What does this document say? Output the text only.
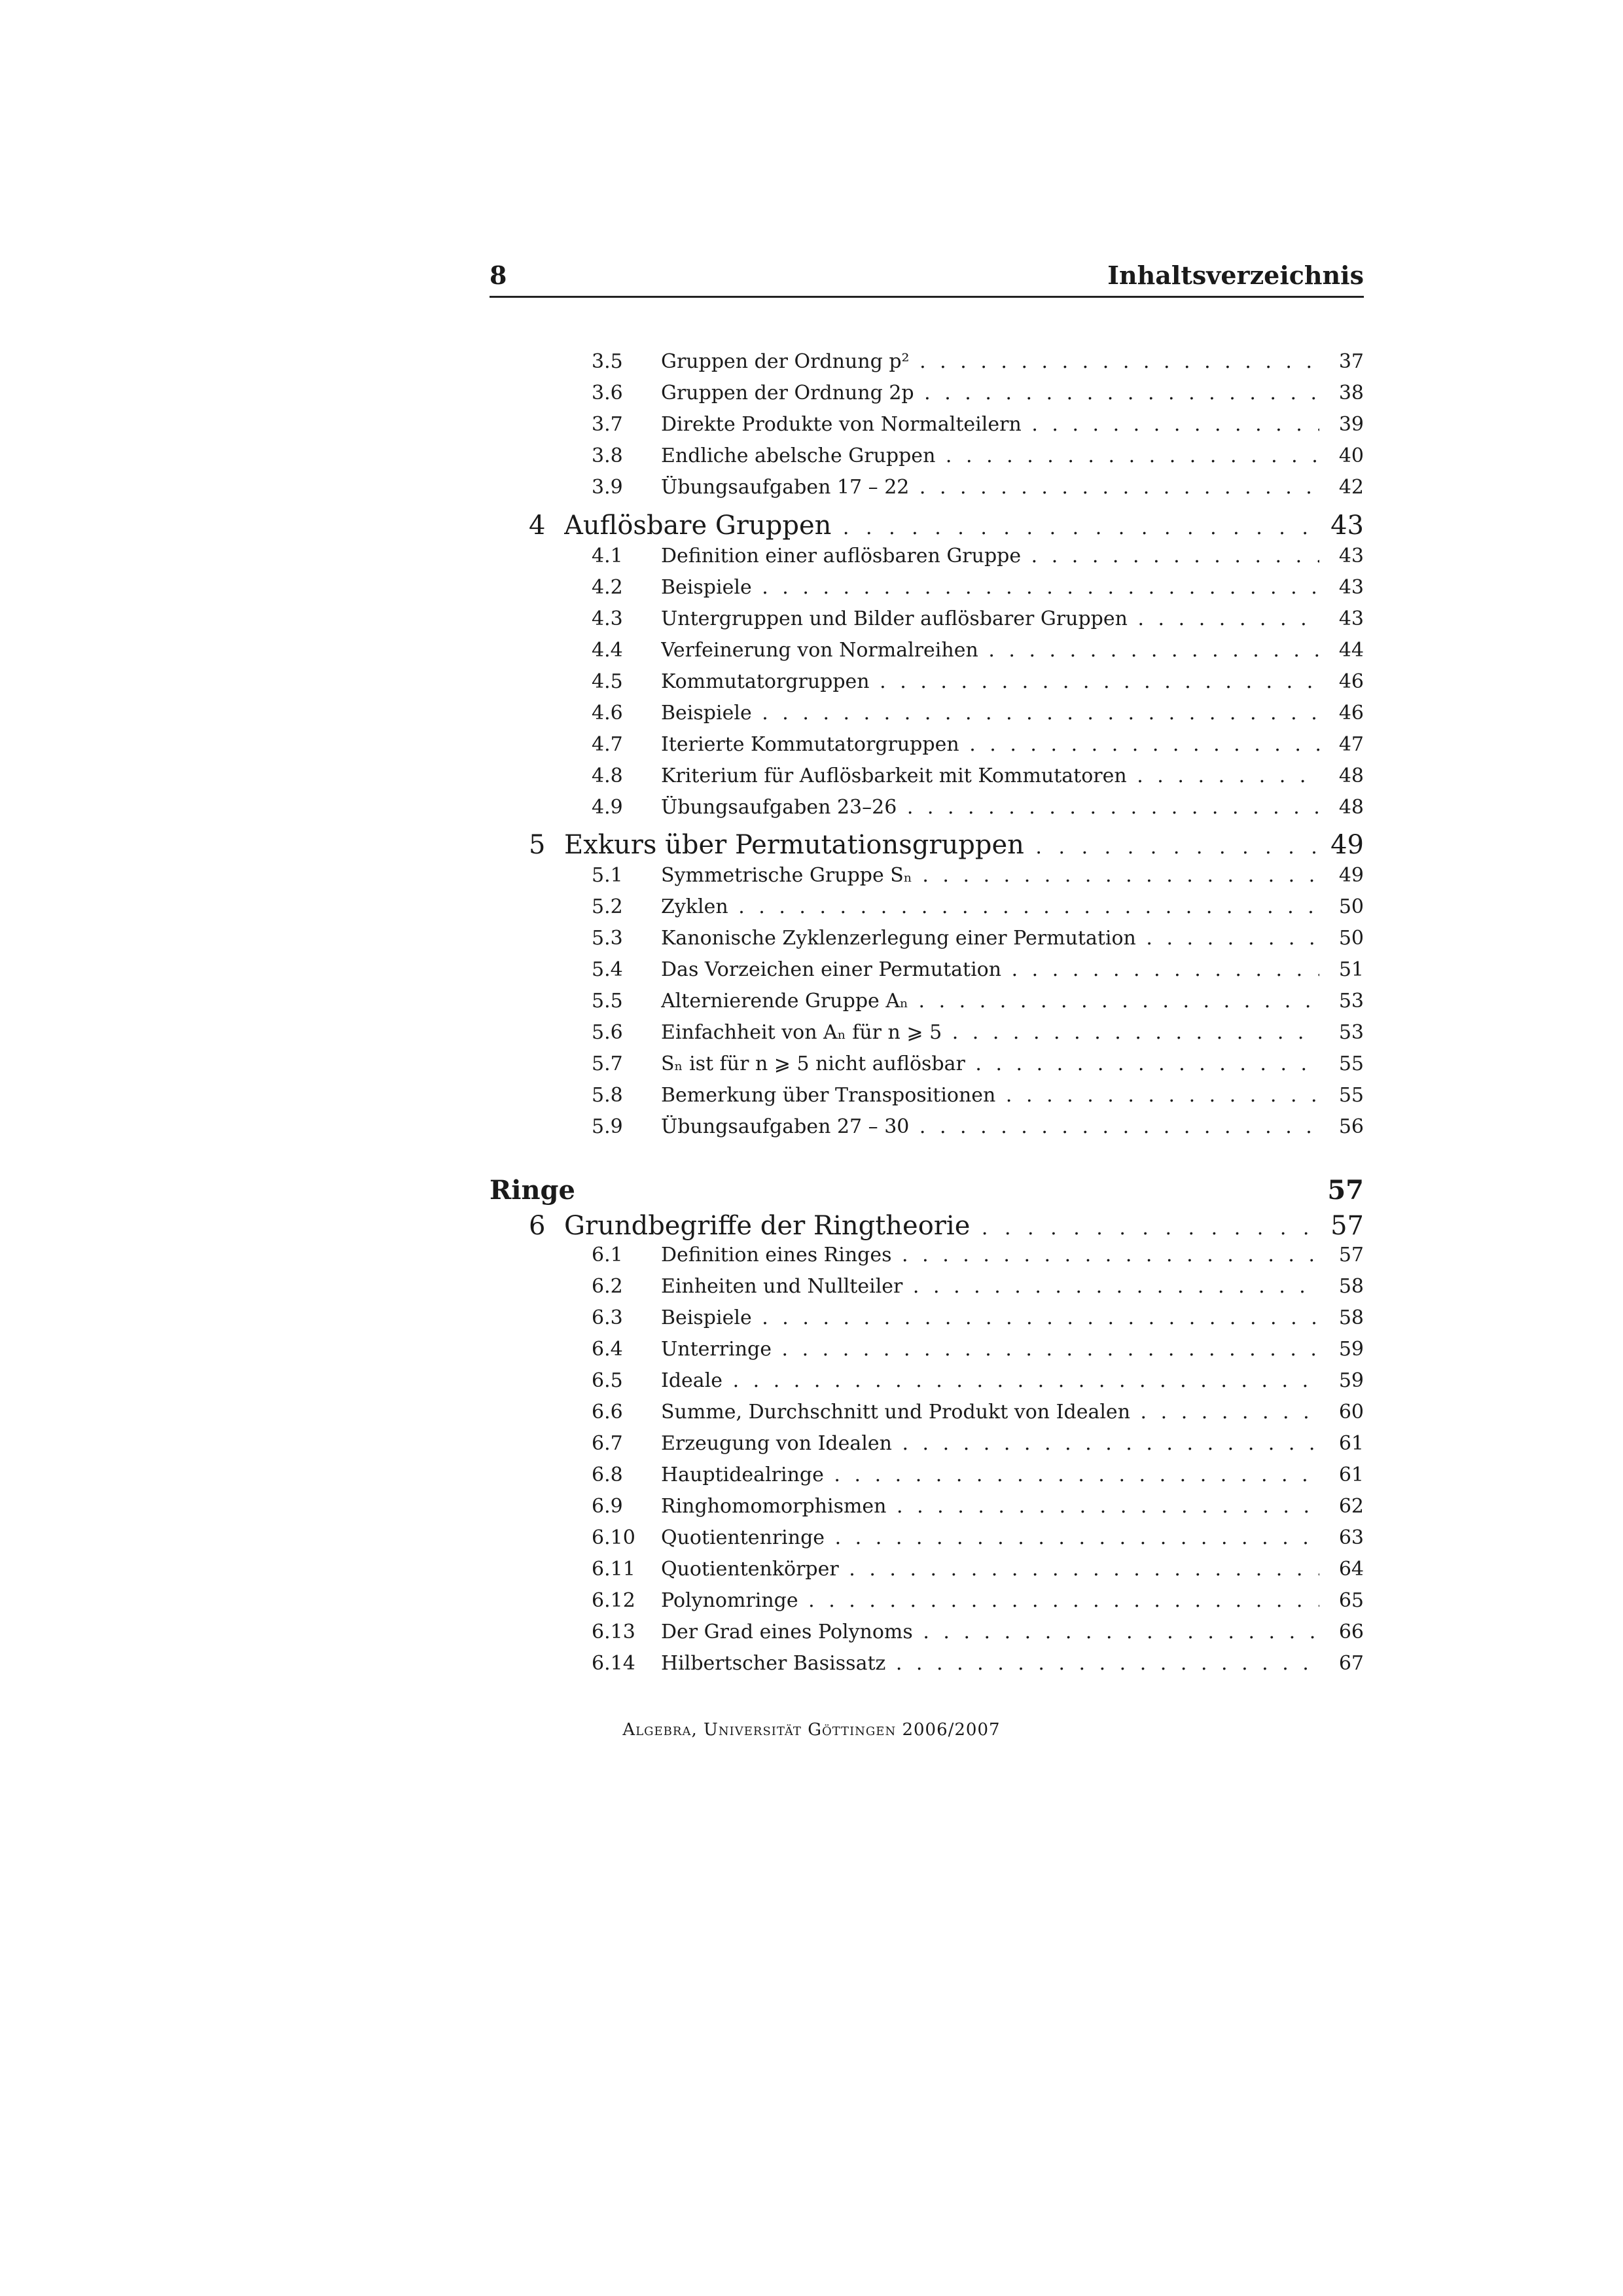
8	Inhaltsverzeichnis
3.5 Gruppen der Ordnung p² . . .	37
3.6 Gruppen der Ordnung 2p . . .	38
3.7 Direkte Produkte von Normalteilern . . .	39
3.8 Endliche abelsche Gruppen . . .	40
3.9 Übungsaufgaben 17 – 22 . . .	42
4 Auflösbare Gruppen . . .	43
4.1 Definition einer auflösbaren Gruppe . . .	43
4.2 Beispiele . . .	43
4.3 Untergruppen und Bilder auflösbarer Gruppen . . .	43
4.4 Verfeinerung von Normalreihen . . .	44
4.5 Kommutatorgruppen . . .	46
4.6 Beispiele . . .	46
4.7 Iterierte Kommutatorgruppen . . .	47
4.8 Kriterium für Auflösbarkeit mit Kommutatoren . . .	48
4.9 Übungsaufgaben 23–26 . . .	48
5 Exkurs über Permutationsgruppen . . .	49
5.1 Symmetrische Gruppe Sₙ . . .	49
5.2 Zyklen . . .	50
5.3 Kanonische Zyklenzerlegung einer Permutation . . .	50
5.4 Das Vorzeichen einer Permutation . . .	51
5.5 Alternierende Gruppe Aₙ . . .	53
5.6 Einfachheit von Aₙ für n ⩾ 5 . . .	53
5.7 Sₙ ist für n ⩾ 5 nicht auflösbar . . .	55
5.8 Bemerkung über Transpositionen . . .	55
5.9 Übungsaufgaben 27 – 30 . . .	56
Ringe	57
6 Grundbegriffe der Ringtheorie . . .	57
6.1 Definition eines Ringes . . .	57
6.2 Einheiten und Nullteiler . . .	58
6.3 Beispiele . . .	58
6.4 Unterringe . . .	59
6.5 Ideale . . .	59
6.6 Summe, Durchschnitt und Produkt von Idealen . . .	60
6.7 Erzeugung von Idealen . . .	61
6.8 Hauptidealringe . . .	61
6.9 Ringhomomorphismen . . .	62
6.10 Quotientenringe . . .	63
6.11 Quotientenkörper . . .	64
6.12 Polynomringe . . .	65
6.13 Der Grad eines Polynoms . . .	66
6.14 Hilbertscher Basissatz . . .	67
Algebra, Universität Göttingen 2006/2007
